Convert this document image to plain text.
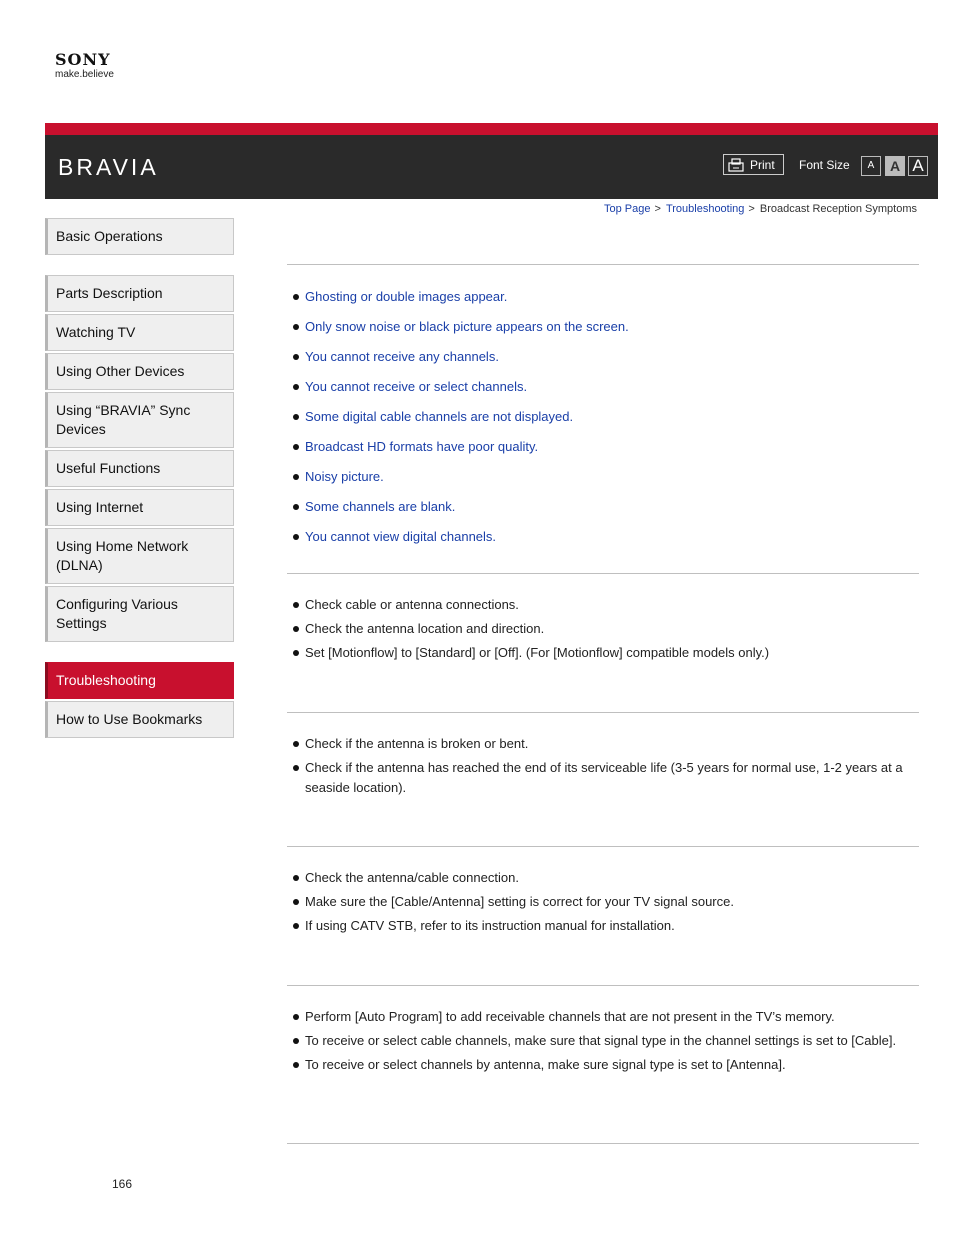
SONY
make.believe
BRAVIA	Print Font Size	A	A A
Top Page > Troubleshooting > Broadcast Reception Symptoms
Basic Operations
Parts Description
Watching TV
Using Other Devices
Using “BRAVIA” Sync Devices
Useful Functions
Using Internet
Using Home Network (DLNA)
Configuring Various Settings
Troubleshooting
How to Use Bookmarks
Ghosting or double images appear.
Only snow noise or black picture appears on the screen.
You cannot receive any channels.
You cannot receive or select channels.
Some digital cable channels are not displayed.
Broadcast HD formats have poor quality.
Noisy picture.
Some channels are blank.
You cannot view digital channels.
Check cable or antenna connections.
Check the antenna location and direction.
Set [Motionflow] to [Standard] or [Off]. (For [Motionflow] compatible models only.)
Check if the antenna is broken or bent.
Check if the antenna has reached the end of its serviceable life (3-5 years for normal use, 1-2 years at a seaside location).
Check the antenna/cable connection.
Make sure the [Cable/Antenna] setting is correct for your TV signal source.
If using CATV STB, refer to its instruction manual for installation.
Perform [Auto Program] to add receivable channels that are not present in the TV’s memory.
To receive or select cable channels, make sure that signal type in the channel settings is set to [Cable].
To receive or select channels by antenna, make sure signal type is set to [Antenna].
166
